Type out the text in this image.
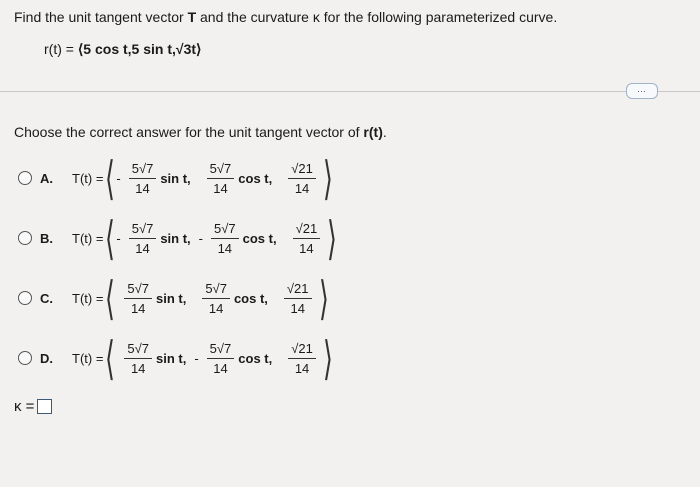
Find the unit tangent vector T and the curvature κ for the following parameterized curve.
r(t) = ⟨5 cos t,5 sin t,√3t⟩
⋯
Choose the correct answer for the unit tangent vector of r(t).
A.	T(t) = ⟨ - $\frac{5√7}{14}$ sin t, $\frac{5√7}{14}$ cos t, $\frac{√21}{14}$ ⟩
B.	T(t) = ⟨ - $\frac{5√7}{14}$ sin t, - $\frac{5√7}{14}$ cos t, $\frac{√21}{14}$ ⟩
C.	T(t) = ⟨ $\frac{5√7}{14}$ sin t, $\frac{5√7}{14}$ cos t, $\frac{√21}{14}$ ⟩
D.	T(t) = ⟨ $\frac{5√7}{14}$ sin t, - $\frac{5√7}{14}$ cos t, $\frac{√21}{14}$ ⟩
κ =
